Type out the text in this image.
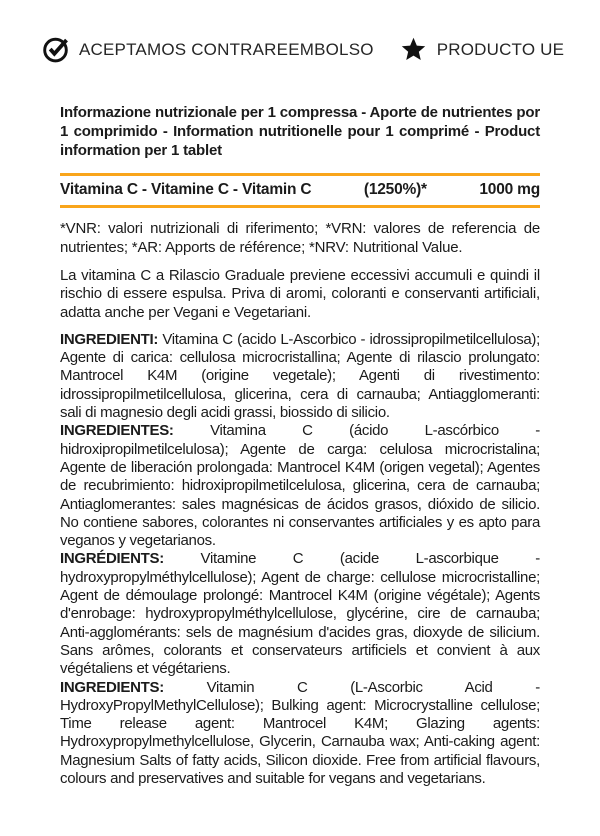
ACEPTAMOS CONTRAREEMBOLSO	PRODUCTO UE

Informazione nutrizionale per 1 compressa - Aporte de nutrientes por 1 comprimido - Information nutritionelle pour 1 comprimé - Product information per 1 tablet

Vitamina C - Vitamine C - Vitamin C	(1250%)*	1000 mg

*VNR: valori nutrizionali di riferimento; *VRN: valores de referencia de nutrientes; *AR: Apports de référence; *NRV: Nutritional Value.

La vitamina C a Rilascio Graduale previene eccessivi accumuli e quindi il rischio di essere espulsa. Priva di aromi, coloranti e conservanti artificiali, adatta anche per Vegani e Vegetariani.

INGREDIENTI: Vitamina C (acido L-Ascorbico - idrossipropilmetilcellulosa); Agente di carica: cellulosa microcristallina; Agente di rilascio prolungato: Mantrocel K4M (origine vegetale); Agenti di rivestimento: idrossipropilmetilcellulosa, glicerina, cera di carnauba; Antiagglomeranti: sali di magnesio degli acidi grassi, biossido di silicio.

INGREDIENTES: Vitamina C (ácido L-ascórbico - hidroxipropilmetilcelulosa); Agente de carga: celulosa microcristalina; Agente de liberación prolongada: Mantrocel K4M (origen vegetal); Agentes de recubrimiento: hidroxipropilmetilcelulosa, glicerina, cera de carnauba; Antiaglomerantes: sales magnésicas de ácidos grasos, dióxido de silicio. No contiene sabores, colorantes ni conservantes artificiales y es apto para veganos y vegetarianos.

INGRÉDIENTS: Vitamine C (acide L-ascorbique - hydroxypropylméthylcellulose); Agent de charge: cellulose microcristalline; Agent de démoulage prolongé: Mantrocel K4M (origine végétale); Agents d'enrobage: hydroxypropylméthylcellulose, glycérine, cire de carnauba; Anti-agglomérants: sels de magnésium d'acides gras, dioxyde de silicium. Sans arômes, colorants et conservateurs artificiels et convient à aux végétaliens et végétariens.

INGREDIENTS:	Vitamin C (L-Ascorbic Acid - HydroxyPropylMethylCellulose); Bulking agent: Microcrystalline cellulose; Time release agent: Mantrocel K4M; Glazing agents: Hydroxypropylmethylcellulose, Glycerin, Carnauba wax; Anti-caking agent: Magnesium Salts of fatty acids, Silicon dioxide. Free from artificial flavours, colours and preservatives and suitable for vegans and vegetarians.
